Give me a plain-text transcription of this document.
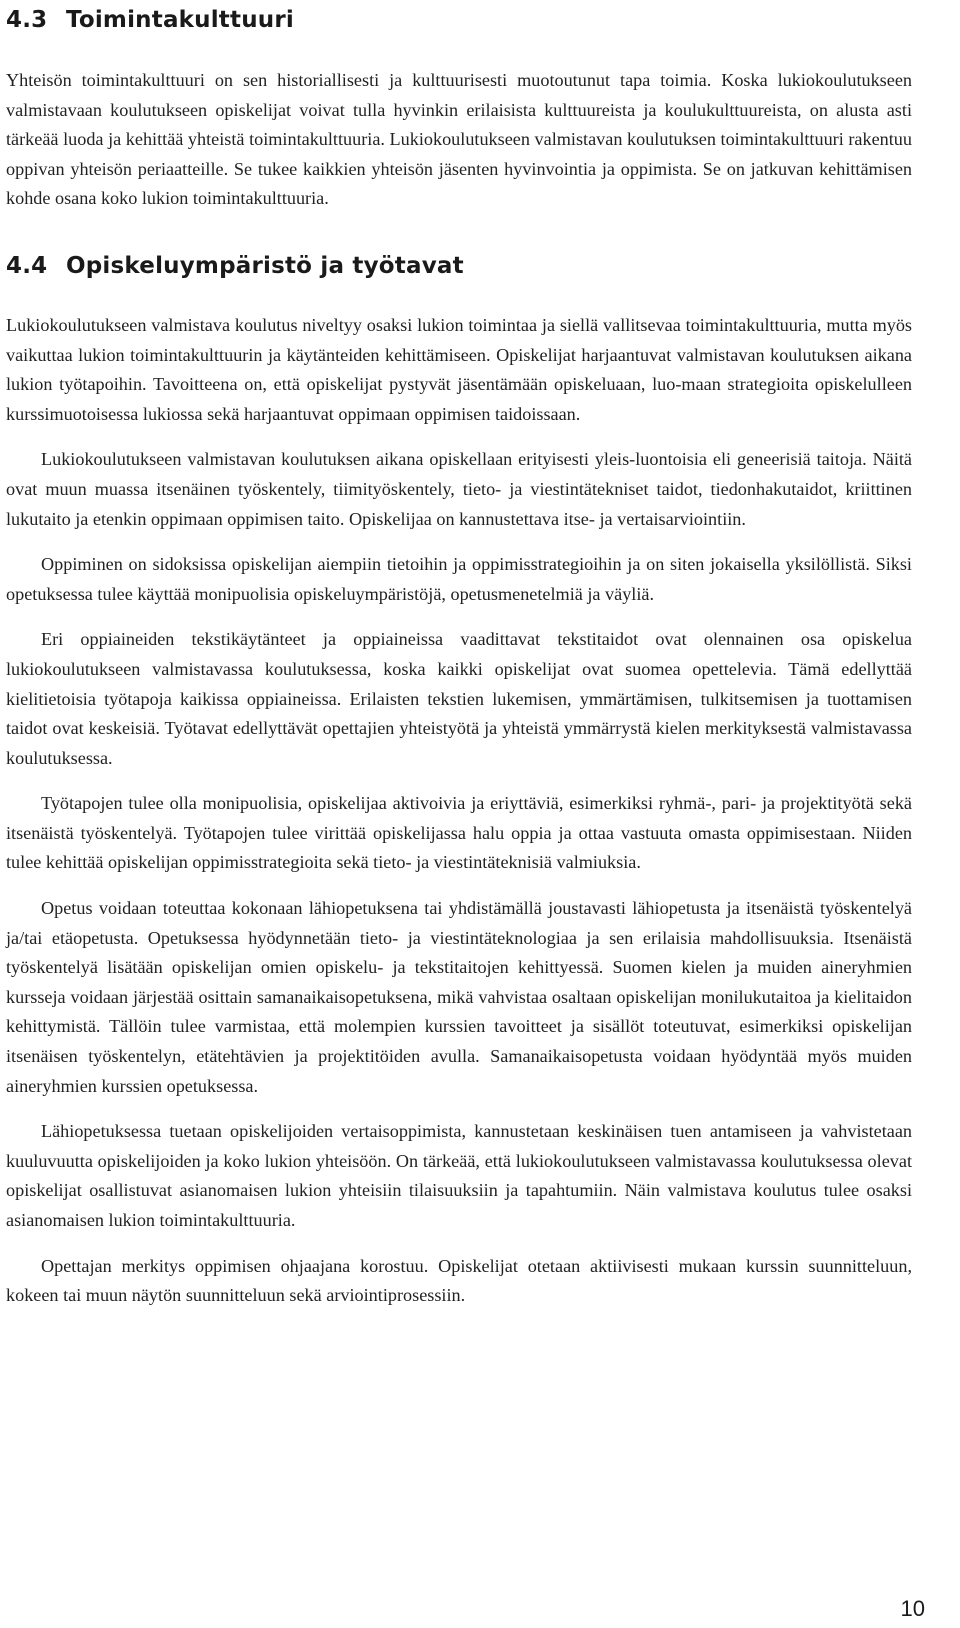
4.3 Toimintakulttuuri

Yhteisön toimintakulttuuri on sen historiallisesti ja kulttuurisesti muotoutunut tapa toimia. Koska lukiokoulutukseen valmistavaan koulutukseen opiskelijat voivat tulla hyvinkin erilaisista kulttuureista ja koulukulttuureista, on alusta asti tärkeää luoda ja kehittää yhteistä toimintakulttuuria. Lukiokoulutukseen valmistavan koulutuksen toimintakulttuuri rakentuu oppivan yhteisön periaatteille. Se tukee kaikkien yhteisön jäsenten hyvinvointia ja oppimista. Se on jatkuvan kehittämisen kohde osana koko lukion toimintakulttuuria.

4.4 Opiskeluympäristö ja työtavat

Lukiokoulutukseen valmistava koulutus niveltyy osaksi lukion toimintaa ja siellä vallitsevaa toimintakulttuuria, mutta myös vaikuttaa lukion toimintakulttuurin ja käytänteiden kehittämiseen. Opiskelijat harjaantuvat valmistavan koulutuksen aikana lukion työtapoihin. Tavoitteena on, että opiskelijat pystyvät jäsentämään opiskeluaan, luo-maan strategioita opiskelulleen kurssimuotoisessa lukiossa sekä harjaantuvat oppimaan oppimisen taidoissaan.

Lukiokoulutukseen valmistavan koulutuksen aikana opiskellaan erityisesti yleis-luontoisia eli geneerisiä taitoja. Näitä ovat muun muassa itsenäinen työskentely, tiimityöskentely, tieto- ja viestintätekniset taidot, tiedonhakutaidot, kriittinen lukutaito ja etenkin oppimaan oppimisen taito. Opiskelijaa on kannustettava itse- ja vertaisarviointiin.

Oppiminen on sidoksissa opiskelijan aiempiin tietoihin ja oppimisstrategioihin ja on siten jokaisella yksilöllistä. Siksi opetuksessa tulee käyttää monipuolisia opiskeluympäristöjä, opetusmenetelmiä ja väyliä.

Eri oppiaineiden tekstikäytänteet ja oppiaineissa vaadittavat tekstitaidot ovat olennainen osa opiskelua lukiokoulutukseen valmistavassa koulutuksessa, koska kaikki opiskelijat ovat suomea opettelevia. Tämä edellyttää kielitietoisia työtapoja kaikissa oppiaineissa. Erilaisten tekstien lukemisen, ymmärtämisen, tulkitsemisen ja tuottamisen taidot ovat keskeisiä. Työtavat edellyttävät opettajien yhteistyötä ja yhteistä ymmärrystä kielen merkityksestä valmistavassa koulutuksessa.

Työtapojen tulee olla monipuolisia, opiskelijaa aktivoivia ja eriyttäviä, esimerkiksi ryhmä-, pari- ja projektityötä sekä itsenäistä työskentelyä. Työtapojen tulee virittää opiskelijassa halu oppia ja ottaa vastuuta omasta oppimisestaan. Niiden tulee kehittää opiskelijan oppimisstrategioita sekä tieto- ja viestintäteknisiä valmiuksia.

Opetus voidaan toteuttaa kokonaan lähiopetuksena tai yhdistämällä joustavasti lähiopetusta ja itsenäistä työskentelyä ja/tai etäopetusta. Opetuksessa hyödynnetään tieto- ja viestintäteknologiaa ja sen erilaisia mahdollisuuksia. Itsenäistä työskentelyä lisätään opiskelijan omien opiskelu- ja tekstitaitojen kehittyessä. Suomen kielen ja muiden aineryhmien kursseja voidaan järjestää osittain samanaikaisopetuksena, mikä vahvistaa osaltaan opiskelijan monilukutaitoa ja kielitaidon kehittymistä. Tällöin tulee varmistaa, että molempien kurssien tavoitteet ja sisällöt toteutuvat, esimerkiksi opiskelijan itsenäisen työskentelyn, etätehtävien ja projektitöiden avulla. Samanaikaisopetusta voidaan hyödyntää myös muiden aineryhmien kurssien opetuksessa.

Lähiopetuksessa tuetaan opiskelijoiden vertaisoppimista, kannustetaan keskinäisen tuen antamiseen ja vahvistetaan kuuluvuutta opiskelijoiden ja koko lukion yhteisöön. On tärkeää, että lukiokoulutukseen valmistavassa koulutuksessa olevat opiskelijat osallistuvat asianomaisen lukion yhteisiin tilaisuuksiin ja tapahtumiin. Näin valmistava koulutus tulee osaksi asianomaisen lukion toimintakulttuuria.

Opettajan merkitys oppimisen ohjaajana korostuu. Opiskelijat otetaan aktiivisesti mukaan kurssin suunnitteluun, kokeen tai muun näytön suunnitteluun sekä arviointiprosessiin.

10
